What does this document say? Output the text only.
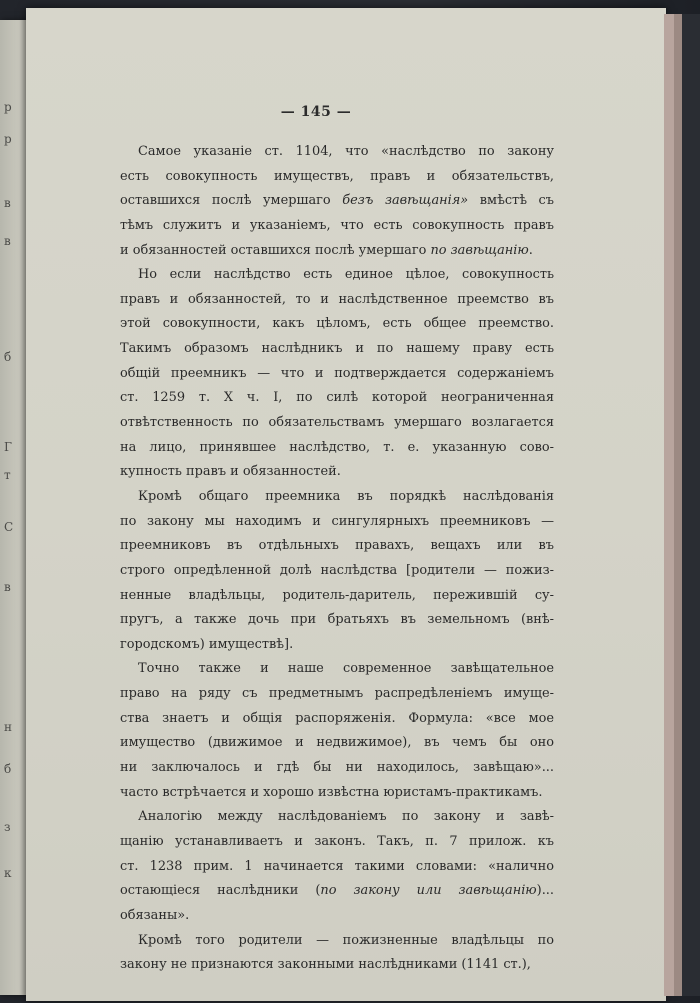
р
р
в
в
б
Г
т
С
в
н
б
з
к
— 145 —
Самое указаніе ст. 1104, что «наслѣдство по закону
есть совокупность имуществъ, правъ и обязательствъ,
оставшихся послѣ умершаго безъ завѣщанія» вмѣстѣ съ
тѣмъ служитъ и указаніемъ, что есть совокупность правъ
и обязанностей оставшихся послѣ умершаго по завѣщанію.
Но если наслѣдство есть единое цѣлое, совокупность
правъ и обязанностей, то и наслѣдственное преемство въ
этой совокупности, какъ цѣломъ, есть общее преемство.
Такимъ образомъ наслѣдникъ и по нашему праву есть
общій преемникъ — что и подтверждается содержаніемъ
ст. 1259 т. X ч. I, по силѣ которой неограниченная
отвѣтственность по обязательствамъ умершаго возлагается
на лицо, принявшее наслѣдство, т. е. указанную сово-
купность правъ и обязанностей.
Кромѣ общаго преемника въ порядкѣ наслѣдованія
по закону мы находимъ и сингулярныхъ преемниковъ —
преемниковъ въ отдѣльныхъ правахъ, вещахъ или въ
строго опредѣленной долѣ наслѣдства [родители — пожиз-
ненные владѣльцы, родитель-даритель, пережившій су-
пругъ, а также дочь при братьяхъ въ земельномъ (внѣ-
городскомъ) имуществѣ].
Точно также и наше современное завѣщательное
право на ряду съ предметнымъ распредѣленіемъ имуще-
ства знаетъ и общія распоряженія. Формула: «все мое
имущество (движимое и недвижимое), въ чемъ бы оно
ни заключалось и гдѣ бы ни находилось, завѣщаю»...
часто встрѣчается и хорошо извѣстна юристамъ-практикамъ.
Аналогію между наслѣдованіемъ по закону и завѣ-
щанію устанавливаетъ и законъ. Такъ, п. 7 прилож. къ
ст. 1238 прим. 1 начинается такими словами: «налично
остающіеся наслѣдники (по закону или завѣщанію)...
обязаны».
Кромѣ того родители — пожизненные владѣльцы по
закону не признаются законными наслѣдниками (1141 ст.),
